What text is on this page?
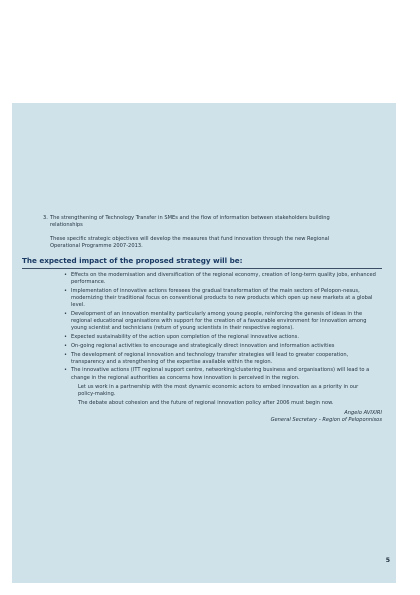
3. The strengthening of Technology Transfer in SMEs and the flow of information between stakeholders building relationships
These specific strategic objectives will develop the measures that fund innovation through the new Regional Operational Programme 2007-2013.
The expected impact of the proposed strategy will be:
• Effects on the modernisation and diversification of the regional economy, creation of long-term quality jobs, enhanced performance.
• Implementation of innovative actions foresees the gradual transformation of the main sectors of Pelopon-nesus, modernizing their traditional focus on conventional products to new products which open up new markets at a global level.
• Development of an innovation mentality particularly among young people, reinforcing the genesis of ideas in the regional educational organisations with support for the creation of a favourable environment for innovation among young scientist and technicians (return of young scientists in their respective regions).
• Expected sustainability of the action upon completion of the regional innovative actions.
• On-going regional activities to encourage and strategically direct innovation and information activities
• The development of regional innovation and technology transfer strategies will lead to greater cooperation, transparency and a strengthening of the expertise available within the region.
• The innovative actions (ITT regional support centre, networking/clustering business and organisations) will lead to a change in the regional authorities as concerns how innovation is perceived in the region.
Let us work in a partnership with the most dynamic economic actors to embed innovation as a priority in our policy-making.
The debate about cohesion and the future of regional innovation policy after 2006 must begin now.
Angelo AVIXIRI
General Secretary - Region of Peloponnisos
5
